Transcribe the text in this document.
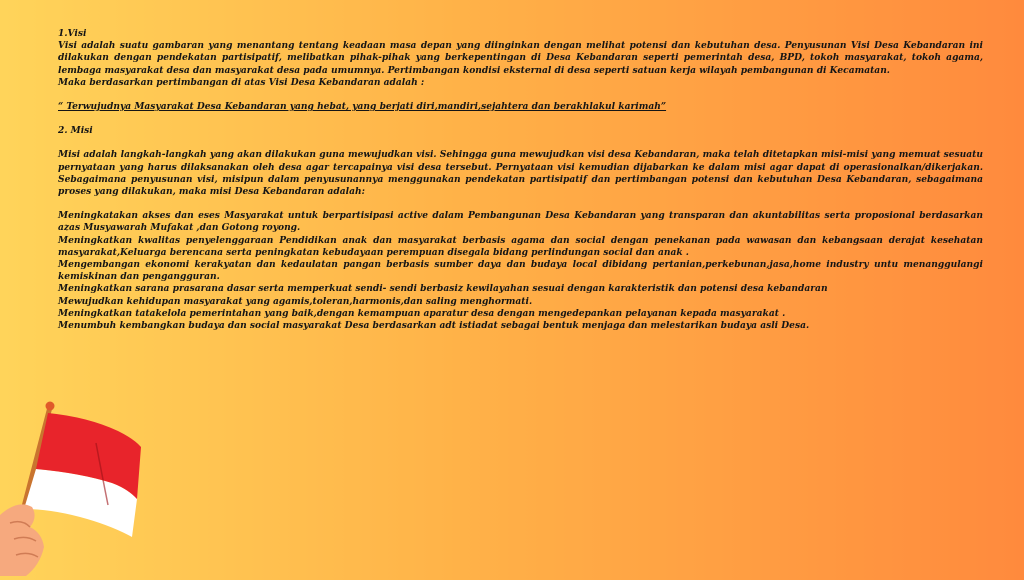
1.Visi

Visi adalah suatu gambaran yang menantang tentang keadaan masa depan yang diinginkan dengan melihat potensi dan kebutuhan desa. Penyusunan Visi Desa Kebandaran ini dilakukan dengan pendekatan partisipatif, melibatkan pihak-pihak yang berkepentingan di Desa Kebandaran seperti pemerintah desa, BPD, tokoh masyarakat, tokoh agama, lembaga masyarakat desa dan masyarakat desa pada umumnya. Pertimbangan kondisi eksternal di desa seperti satuan kerja wilayah pembangunan di Kecamatan.

Maka berdasarkan pertimbangan di atas Visi Desa Kebandaran adalah :

“ Terwujudnya Masyarakat Desa Kebandaran yang hebat, yang berjati diri,mandiri,sejahtera dan berakhlakul karimah”

2. Misi

Misi adalah langkah-langkah yang akan dilakukan guna mewujudkan visi. Sehingga guna mewujudkan visi desa Kebandaran, maka telah ditetapkan misi-misi yang memuat sesuatu pernyataan yang harus dilaksanakan oleh desa agar tercapainya visi desa tersebut. Pernyataan visi kemudian dijabarkan ke dalam misi agar dapat di operasionalkan/dikerjakan. Sebagaimana penyusunan visi, misipun dalam penyusunannya menggunakan pendekatan partisipatif dan pertimbangan potensi dan kebutuhan Desa Kebandaran, sebagaimana proses yang dilakukan, maka misi Desa Kebandaran adalah:

Meningkatakan akses dan eses Masyarakat untuk berpartisipasi active dalam Pembangunan Desa Kebandaran yang transparan dan akuntabilitas serta proposional berdasarkan azas Musyawarah Mufakat ,dan Gotong royong.

Meningkatkan kwalitas penyelenggaraan Pendidikan anak dan masyarakat berbasis agama dan social dengan penekanan pada wawasan dan kebangsaan derajat kesehatan masyarakat,Keluarga berencana serta peningkatan kebudayaan perempuan disegala bidang perlindungan social dan anak .

Mengembangan ekonomi kerakyatan dan kedaulatan pangan berbasis sumber daya dan budaya local dibidang pertanian,perkebunan,jasa,home industry untu menanggulangi kemiskinan dan pengangguran.

Meningkatkan sarana prasarana dasar serta memperkuat sendi- sendi berbasiz kewilayahan sesuai dengan karakteristik dan potensi desa kebandaran

Mewujudkan kehidupan masyarakat yang agamis,toleran,harmonis,dan saling menghormati.

Meningkatkan tatakelola pemerintahan yang baik,dengan kemampuan aparatur desa dengan mengedepankan pelayanan kepada masyarakat .

Menumbuh kembangkan budaya dan social masyarakat Desa berdasarkan adt istiadat sebagai bentuk menjaga dan melestarikan budaya asli Desa.
